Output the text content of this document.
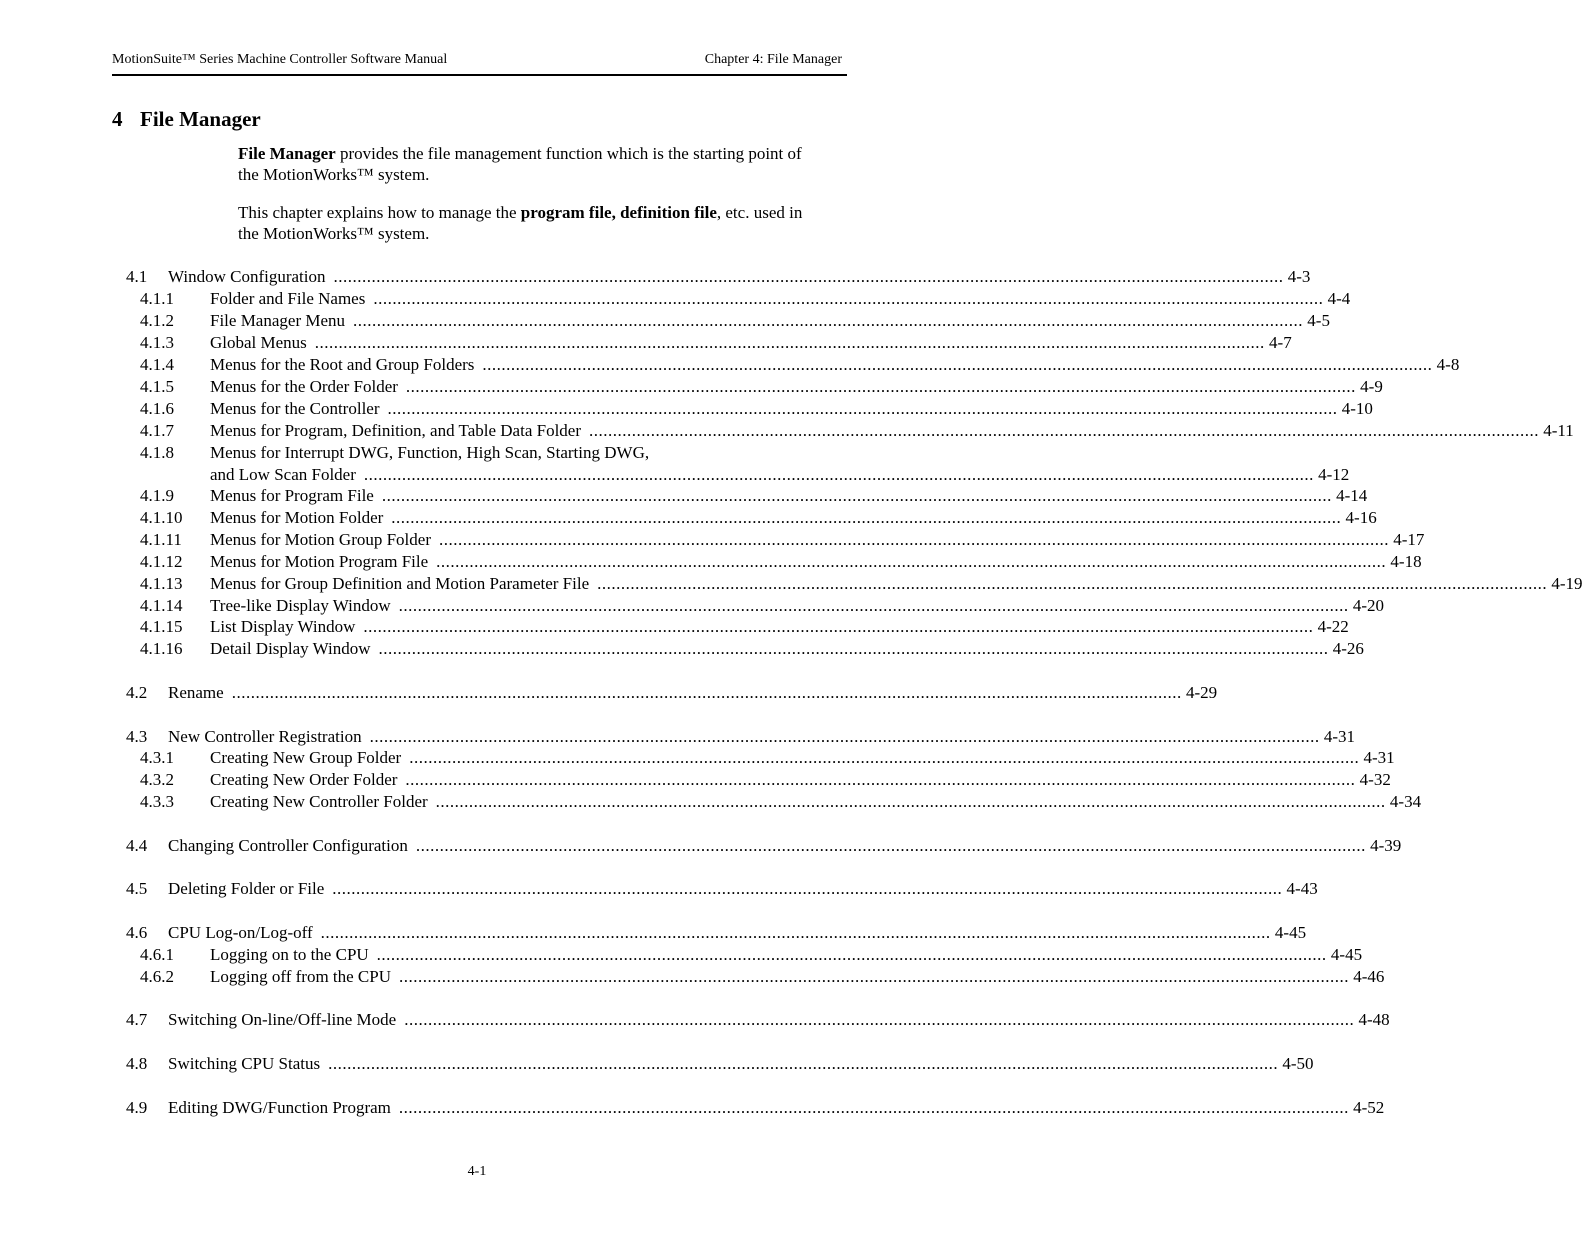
MotionSuite™ Series Machine Controller Software Manual	Chapter 4: File Manager
4 File Manager
File Manager provides the file management function which is the starting point of the MotionWorks™ system.
This chapter explains how to manage the program file, definition file, etc. used in the MotionWorks™ system.
4.1 Window Configuration ........................................................................................................................................................................................................ 4-3
4.1.1 Folder and File Names ........................................................................................................................................................................................................ 4-4
4.1.2 File Manager Menu ........................................................................................................................................................................................................ 4-5
4.1.3 Global Menus ........................................................................................................................................................................................................ 4-7
4.1.4 Menus for the Root and Group Folders ........................................................................................................................................................................................................ 4-8
4.1.5 Menus for the Order Folder ........................................................................................................................................................................................................ 4-9
4.1.6 Menus for the Controller ........................................................................................................................................................................................................ 4-10
4.1.7 Menus for Program, Definition, and Table Data Folder ........................................................................................................................................................................................................ 4-11
4.1.8 Menus for Interrupt DWG, Function, High Scan, Starting DWG,
and Low Scan Folder ........................................................................................................................................................................................................ 4-12
4.1.9 Menus for Program File ........................................................................................................................................................................................................ 4-14
4.1.10 Menus for Motion Folder ........................................................................................................................................................................................................ 4-16
4.1.11 Menus for Motion Group Folder ........................................................................................................................................................................................................ 4-17
4.1.12 Menus for Motion Program File ........................................................................................................................................................................................................ 4-18
4.1.13 Menus for Group Definition and Motion Parameter File ........................................................................................................................................................................................................ 4-19
4.1.14 Tree-like Display Window ........................................................................................................................................................................................................ 4-20
4.1.15 List Display Window ........................................................................................................................................................................................................ 4-22
4.1.16 Detail Display Window ........................................................................................................................................................................................................ 4-26
4.2 Rename ........................................................................................................................................................................................................ 4-29
4.3 New Controller Registration ........................................................................................................................................................................................................ 4-31
4.3.1 Creating New Group Folder ........................................................................................................................................................................................................ 4-31
4.3.2 Creating New Order Folder ........................................................................................................................................................................................................ 4-32
4.3.3 Creating New Controller Folder ........................................................................................................................................................................................................ 4-34
4.4 Changing Controller Configuration ........................................................................................................................................................................................................ 4-39
4.5 Deleting Folder or File ........................................................................................................................................................................................................ 4-43
4.6 CPU Log-on/Log-off ........................................................................................................................................................................................................ 4-45
4.6.1 Logging on to the CPU ........................................................................................................................................................................................................ 4-45
4.6.2 Logging off from the CPU ........................................................................................................................................................................................................ 4-46
4.7 Switching On-line/Off-line Mode ........................................................................................................................................................................................................ 4-48
4.8 Switching CPU Status ........................................................................................................................................................................................................ 4-50
4.9 Editing DWG/Function Program ........................................................................................................................................................................................................ 4-52
4-1
